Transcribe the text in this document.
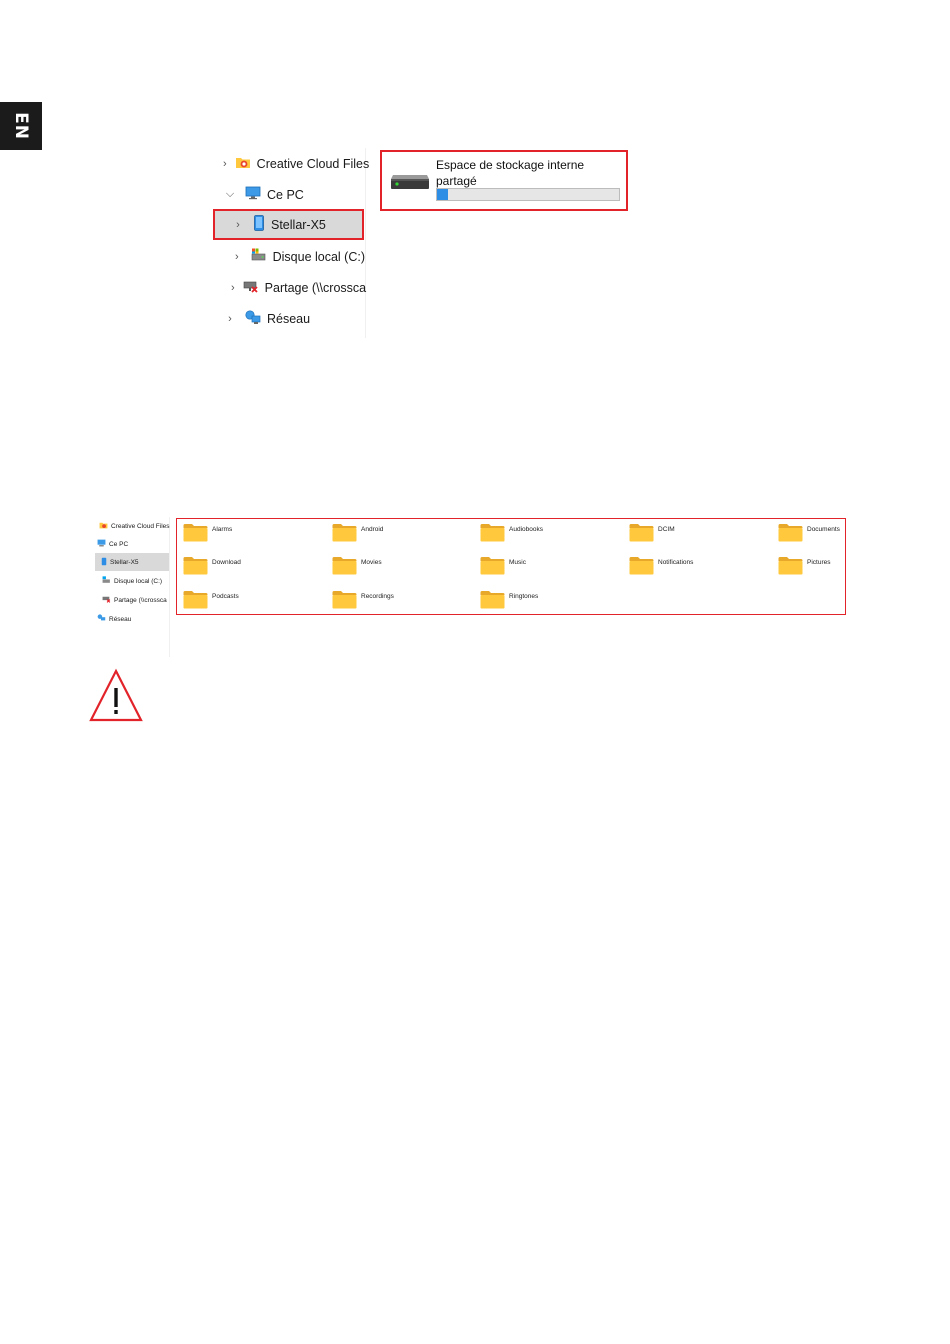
EN
› Creative Cloud Files
⌵	Ce PC
›	Stellar-X5
›	Disque local (C:)
› Partage (\\crossca
›	Réseau
Espace de stockage interne partagé
Creative Cloud Files
Ce PC
Stellar-X5
Disque local (C:)
Partage (\\crossca
Réseau
Alarms	Android	Audiobooks	DCIM	Documents
Download	Movies	Music	Notifications	Pictures
Podcasts	Recordings	Ringtones
